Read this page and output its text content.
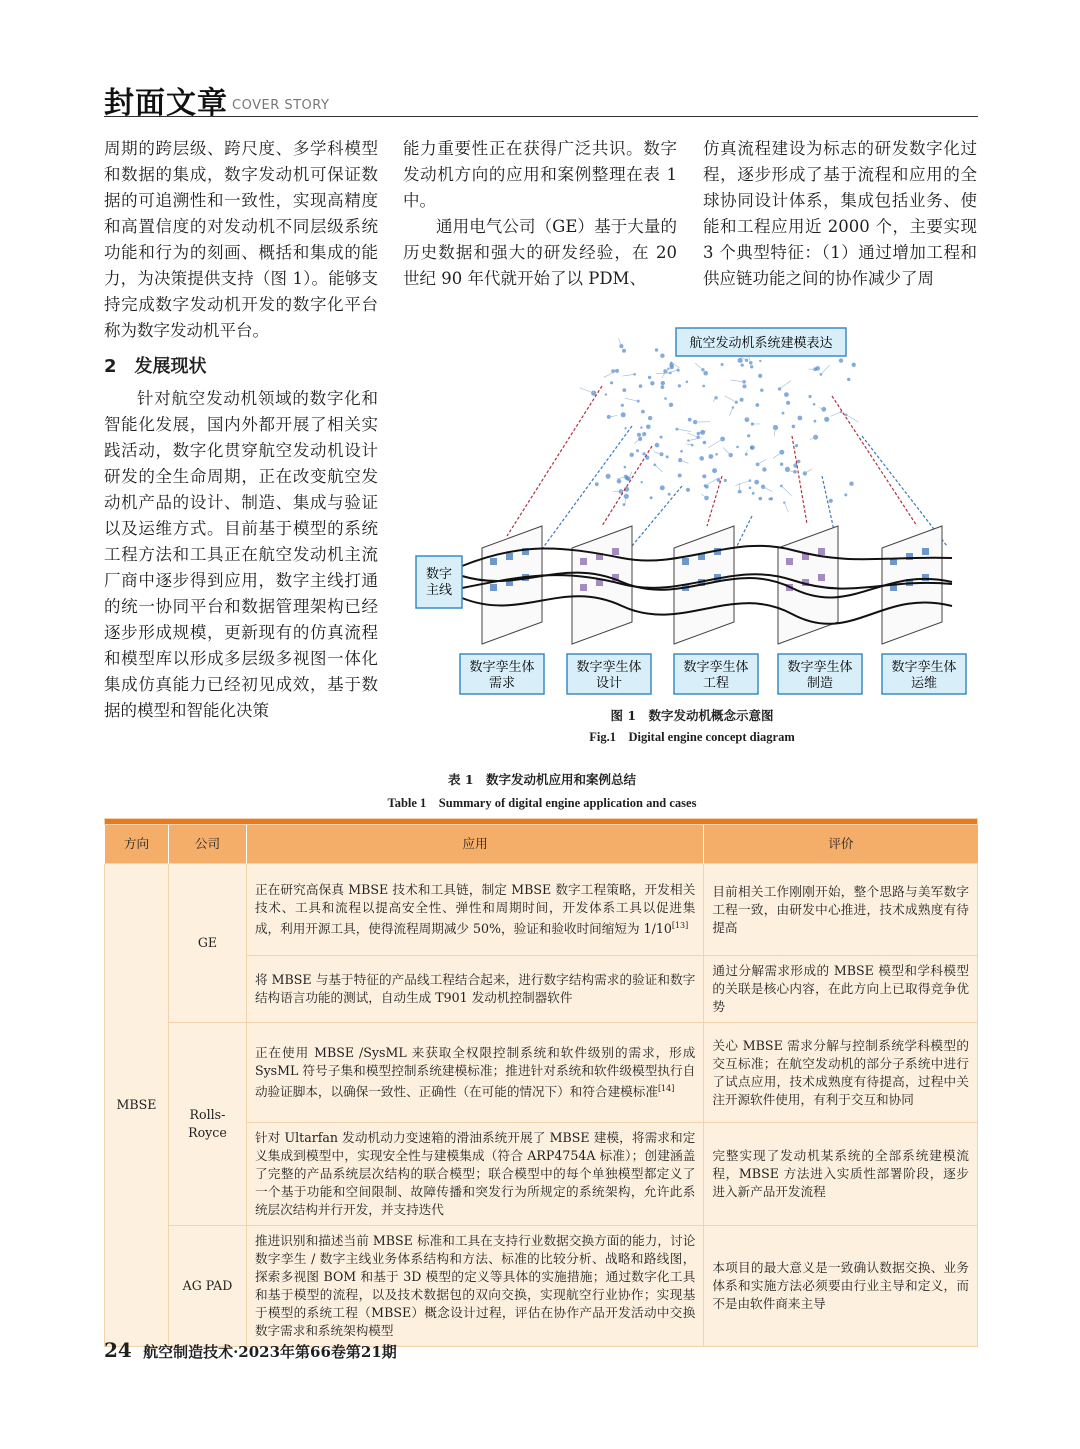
封面文章 COVER STORY

周期的跨层级、跨尺度、多学科模型和数据的集成，数字发动机可保证数据的可追溯性和一致性，实现高精度和高置信度的对发动机不同层级系统功能和行为的刻画、概括和集成的能力，为决策提供支持（图 1）。能够支持完成数字发动机开发的数字化平台称为数字发动机平台。

2 发展现状

针对航空发动机领域的数字化和智能化发展，国内外都开展了相关实践活动，数字化贯穿航空发动机设计研发的全生命周期，正在改变航空发动机产品的设计、制造、集成与验证以及运维方式。目前基于模型的系统工程方法和工具正在航空发动机主流厂商中逐步得到应用，数字主线打通的统一协同平台和数据管理架构已经逐步形成规模，更新现有的仿真流程和模型库以形成多层级多视图一体化集成仿真能力已经初见成效，基于数据的模型和智能化决策

能力重要性正在获得广泛共识。数字发动机方向的应用和案例整理在表 1 中。

通用电气公司（GE）基于大量的历史数据和强大的研发经验，在 20 世纪 90 年代就开始了以 PDM、

仿真流程建设为标志的研发数字化过程，逐步形成了基于流程和应用的全球协同设计体系，集成包括业务、使能和工程应用近 2000 个，主要实现 3 个典型特征：（1）通过增加工程和供应链功能之间的协作减少了周

航空发动机系统建模表达
数字主线
数字孪生体需求
数字孪生体设计
数字孪生体工程
数字孪生体制造
数字孪生体运维
图 1　数字发动机概念示意图
Fig.1　Digital engine concept diagram
表 1　数字发动机应用和案例总结
Table 1　Summary of digital engine application and cases

方向	公司	应用	评价
MBSE	GE	正在研究高保真 MBSE 技术和工具链，制定 MBSE 数字工程策略，开发相关技术、工具和流程以提高安全性、弹性和周期时间，开发体系工具以促进集成，利用开源工具，使得流程周期减少 50%，验证和验收时间缩短为 1/10[13]	目前相关工作刚刚开始，整个思路与美军数字工程一致，由研发中心推进，技术成熟度有待提高
		将 MBSE 与基于特征的产品线工程结合起来，进行数字结构需求的验证和数字结构语言功能的测试，自动生成 T901 发动机控制器软件	通过分解需求形成的 MBSE 模型和学科模型的关联是核心内容，在此方向上已取得竞争优势
	Rolls-Royce	正在使用 MBSE /SysML 来获取全权限控制系统和软件级别的需求，形成 SysML 符号子集和模型控制系统建模标准；推进针对系统和软件级模型执行自动验证脚本，以确保一致性、正确性（在可能的情况下）和符合建模标准[14]	关心 MBSE 需求分解与控制系统学科模型的交互标准；在航空发动机的部分子系统中进行了试点应用，技术成熟度有待提高，过程中关注开源软件使用，有利于交互和协同
		针对 Ultarfan 发动机动力变速箱的滑油系统开展了 MBSE 建模，将需求和定义集成到模型中，实现安全性与建模集成（符合 ARP4754A 标准）；创建涵盖了完整的产品系统层次结构的联合模型；联合模型中的每个单独模型都定义了一个基于功能和空间限制、故障传播和突发行为所规定的系统架构，允许此系统层次结构并行开发，并支持迭代	完整实现了发动机某系统的全部系统建模流程，MBSE 方法进入实质性部署阶段，逐步进入新产品开发流程
	AG PAD	推进识别和描述当前 MBSE 标准和工具在支持行业数据交换方面的能力，讨论数字孪生 / 数字主线业务体系结构和方法、标准的比较分析、战略和路线图，探索多视图 BOM 和基于 3D 模型的定义等具体的实施措施；通过数字化工具和基于模型的流程，以及技术数据包的双向交换，实现航空行业协作；实现基于模型的系统工程（MBSE）概念设计过程，评估在协作产品开发活动中交换数字需求和系统架构模型	本项目的最大意义是一致确认数据交换、业务体系和实施方法必须要由行业主导和定义，而不是由软件商来主导
24 航空制造技术·2023年第66卷第21期
